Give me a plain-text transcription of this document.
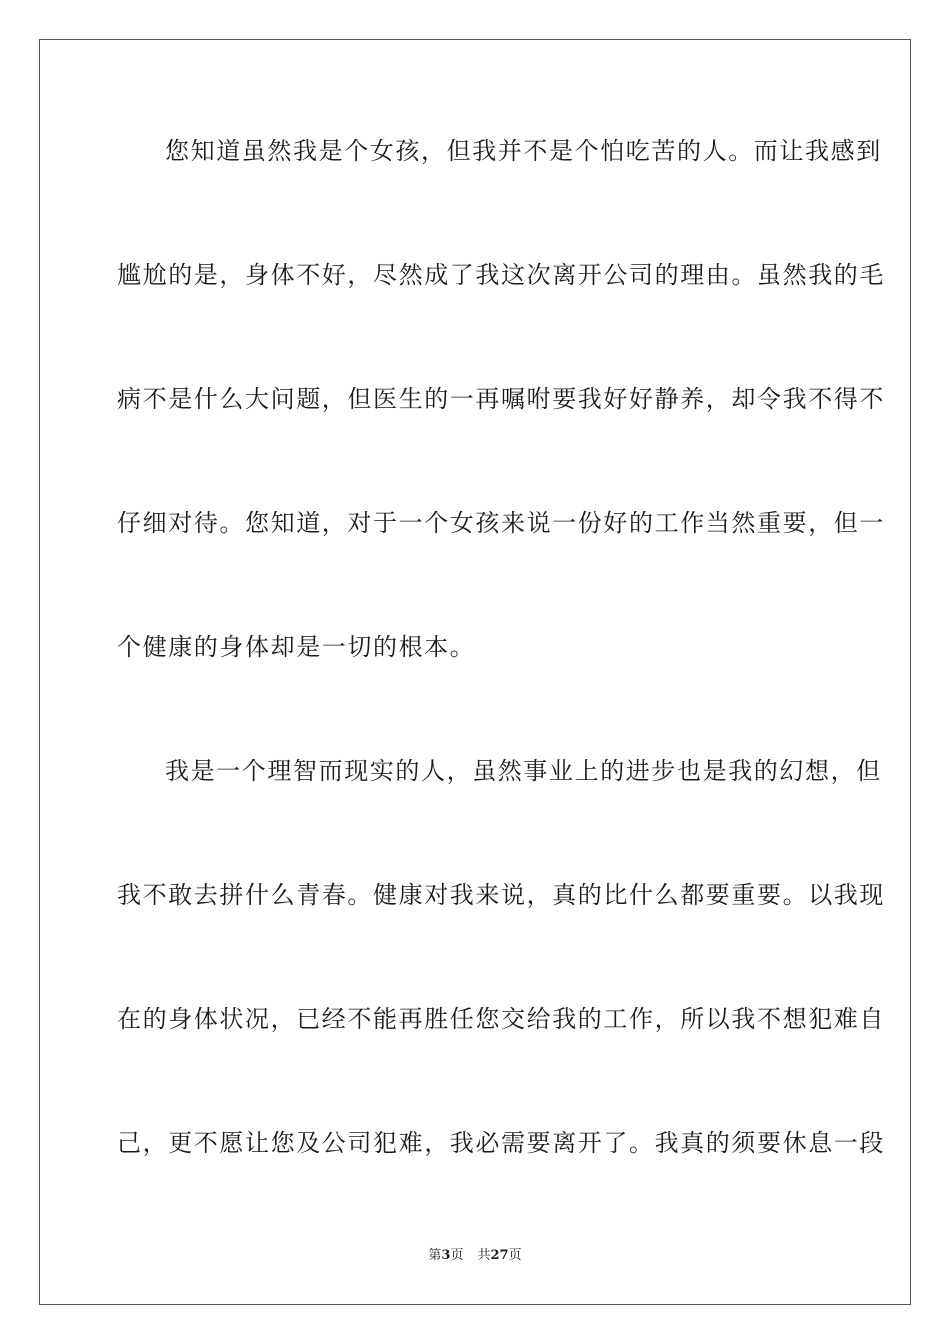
您知道虽然我是个女孩，但我并不是个怕吃苦的人。而让我感到
尴尬的是，身体不好，尽然成了我这次离开公司的理由。虽然我的毛
病不是什么大问题，但医生的一再嘱咐要我好好静养，却令我不得不
仔细对待。您知道，对于一个女孩来说一份好的工作当然重要，但一
个健康的身体却是一切的根本。
我是一个理智而现实的人，虽然事业上的进步也是我的幻想，但
我不敢去拼什么青春。健康对我来说，真的比什么都要重要。以我现
在的身体状况，已经不能再胜任您交给我的工作，所以我不想犯难自
己，更不愿让您及公司犯难，我必需要离开了。我真的须要休息一段
第3页 共27页
